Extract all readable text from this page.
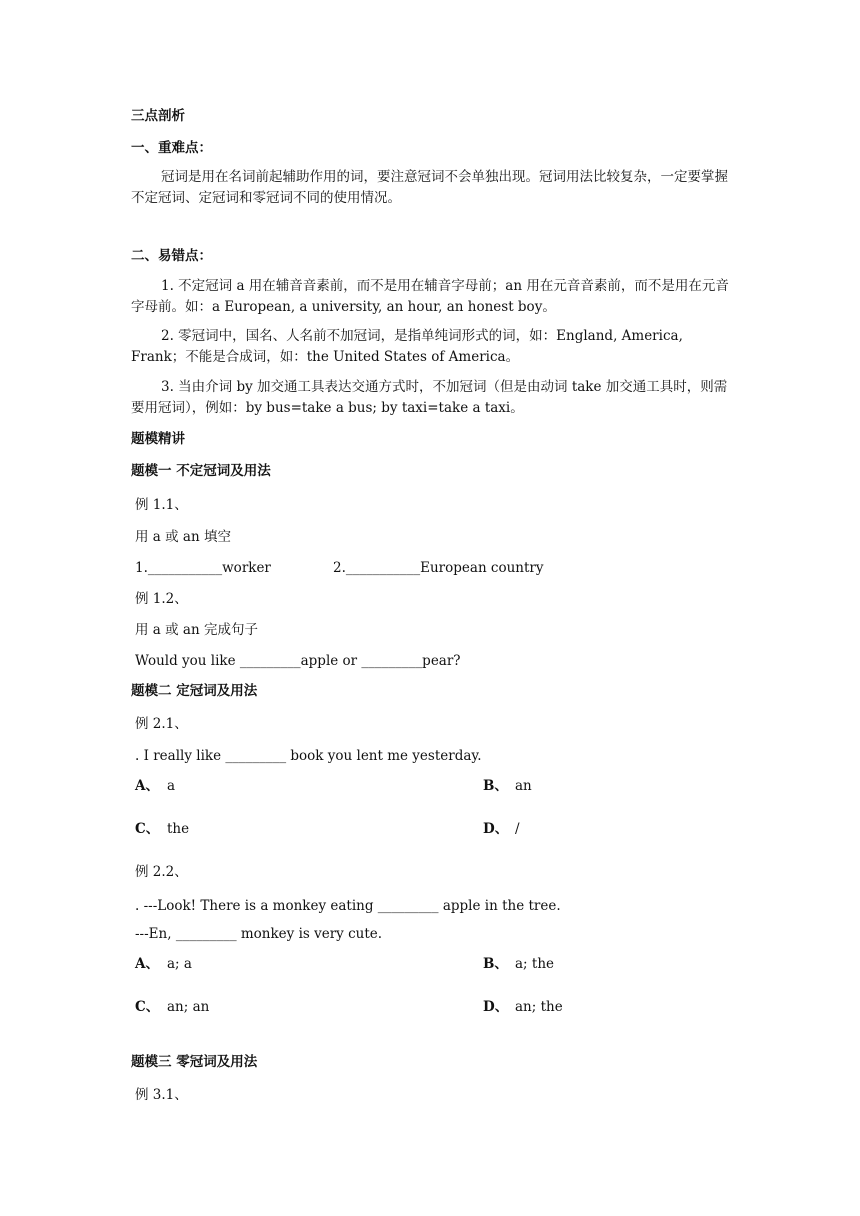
三点剖析
一、重难点：
冠词是用在名词前起辅助作用的词，要注意冠词不会单独出现。冠词用法比较复杂，一定要掌握不定冠词、定冠词和零冠词不同的使用情况。
二、易错点：
1. 不定冠词 a 用在辅音音素前，而不是用在辅音字母前；an 用在元音音素前，而不是用在元音字母前。如：a European, a university, an hour, an honest boy。
2. 零冠词中，国名、人名前不加冠词，是指单纯词形式的词，如：England, America, Frank；不能是合成词，如：the United States of America。
3. 当由介词 by 加交通工具表达交通方式时，不加冠词（但是由动词 take 加交通工具时，则需要用冠词），例如：by bus=take a bus; by taxi=take a taxi。
题模精讲
题模一 不定冠词及用法
例 1.1、
用 a 或 an 填空
1.___________worker	2.___________European country
例 1.2、
用 a 或 an 完成句子
Would you like _________apple or _________pear?
题模二 定冠词及用法
例 2.1、
. I really like _________ book you lent me yesterday.
A、 a	B、 an
C、 the	D、 /
例 2.2、
. ---Look! There is a monkey eating _________ apple in the tree.
---En, _________ monkey is very cute.
A、 a; a	B、 a; the
C、 an; an	D、 an; the
题模三 零冠词及用法
例 3.1、
